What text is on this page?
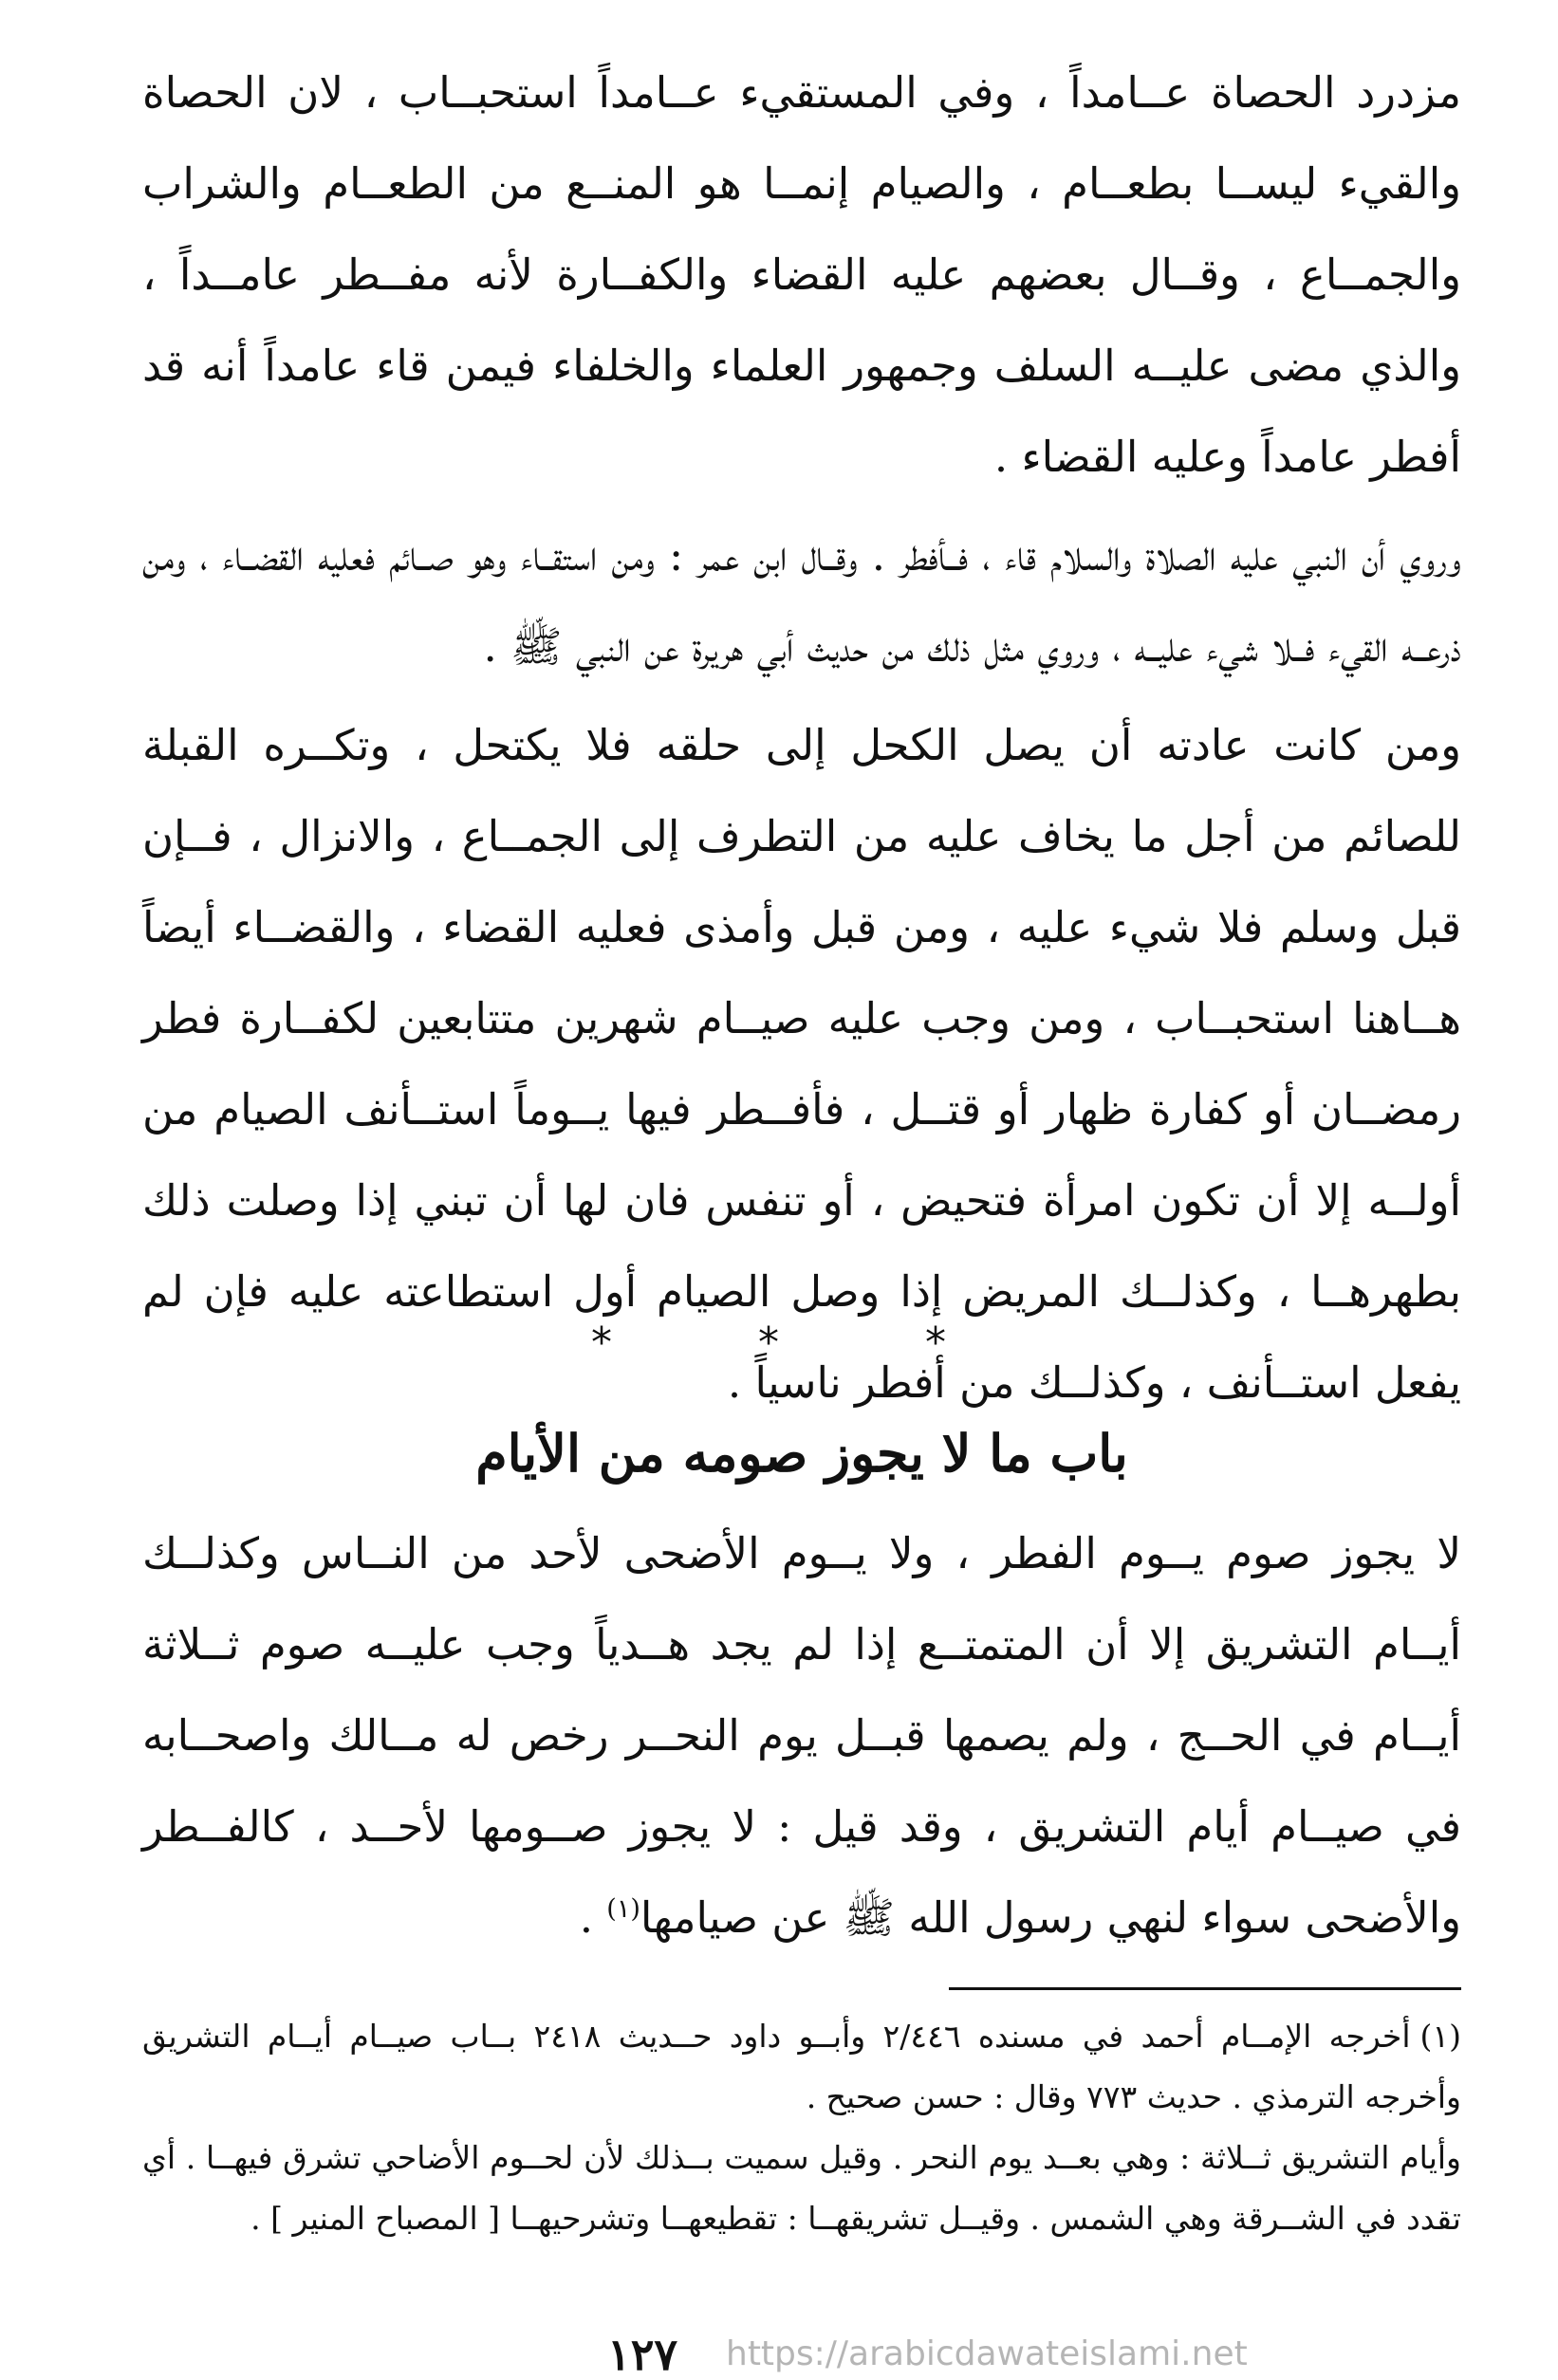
مزدرد الحصاة عــامداً ، وفي المستقيء عــامداً استحبــاب ، لان الحصاة والقيء ليســا بطعــام ، والصيام إنمــا هو المنــع من الطعــام والشراب والجمــاع ، وقــال بعضهم عليه القضاء والكفــارة لأنه مفــطر عامــداً ، والذي مضى عليــه السلف وجمهور العلماء والخلفاء فيمن قاء عامداً أنه قد أفطر عامداً وعليه القضاء .

وروي أن النبي عليه الصلاة والسلام قاء ، فــأفطر . وقــال ابن عمر : ومن استقــاء وهو صــائم فعليه القضــاء ، ومن ذرعــه القيء فــلا شيء عليــه ، وروي مثل ذلك من حديث أبي هريرة عن النبي ﷺ .

ومن كانت عادته أن يصل الكحل إلى حلقه فلا يكتحل ، وتكــره القبلة للصائم من أجل ما يخاف عليه من التطرف إلى الجمــاع ، والانزال ، فــإن قبل وسلم فلا شيء عليه ، ومن قبل وأمذى فعليه القضاء ، والقضــاء أيضاً هــاهنا استحبــاب ، ومن وجب عليه صيــام شهرين متتابعين لكفــارة فطر رمضــان أو كفارة ظهار أو قتــل ، فأفــطر فيها يــوماً استــأنف الصيام من أولــه إلا أن تكون امرأة فتحيض ، أو تنفس فان لها أن تبني إذا وصلت ذلك بطهرهــا ، وكذلــك المريض إذا وصل الصيام أول استطاعته عليه فإن لم يفعل استــأنف ، وكذلــك من أفطر ناسياً .

* * *
باب ما لا يجوز صومه من الأيام

لا يجوز صوم يــوم الفطر ، ولا يــوم الأضحى لأحد من النــاس وكذلــك أيــام التشريق إلا أن المتمتــع إذا لم يجد هــدياً وجب عليــه صوم ثــلاثة أيــام في الحــج ، ولم يصمها قبــل يوم النحــر رخص له مــالك واصحــابه في صيــام أيام التشريق ، وقد قيل : لا يجوز صــومها لأحــد ، كالفــطر والأضحى سواء لنهي رسول الله ﷺ عن صيامها$^{(١)}$ .

(١)أخرجه الإمــام أحمد في مسنده ٢/٤٤٦ وأبــو داود حــديث ٢٤١٨ بــاب صيــام أيــام التشريق وأخرجه الترمذي . حديث ٧٧٣ وقال : حسن صحيح .

وأيام التشريق ثــلاثة : وهي بعــد يوم النحر . وقيل سميت بــذلك لأن لحــوم الأضاحي تشرق فيهــا . أي تقدد في الشــرقة وهي الشمس . وقيــل تشريقهــا : تقطيعهــا وتشرحيهــا [ المصباح المنير ] .

١٢٧ https://arabicdawateislami.net
